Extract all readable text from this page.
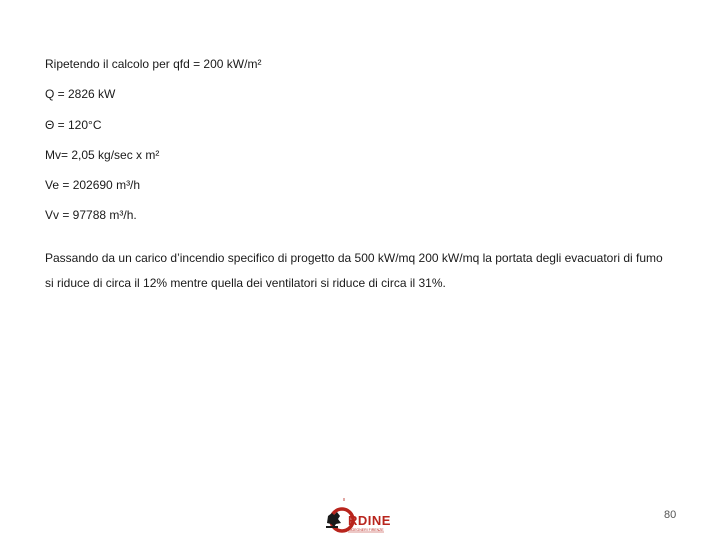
Ripetendo il calcolo per qfd = 200 kW/m²
Q = 2826 kW
Θ = 120°C
Mv= 2,05 kg/sec x m²
Ve = 202690 m³/h
Vv = 97788 m³/h.
Passando da un carico d’incendio specifico di progetto da 500 kW/mq 200 kW/mq la portata degli evacuatori di fumo
si riduce di circa il 12% mentre quella dei ventilatori si riduce di circa il 31%.
RDINE
INGEGNERI FIRENZE
80
